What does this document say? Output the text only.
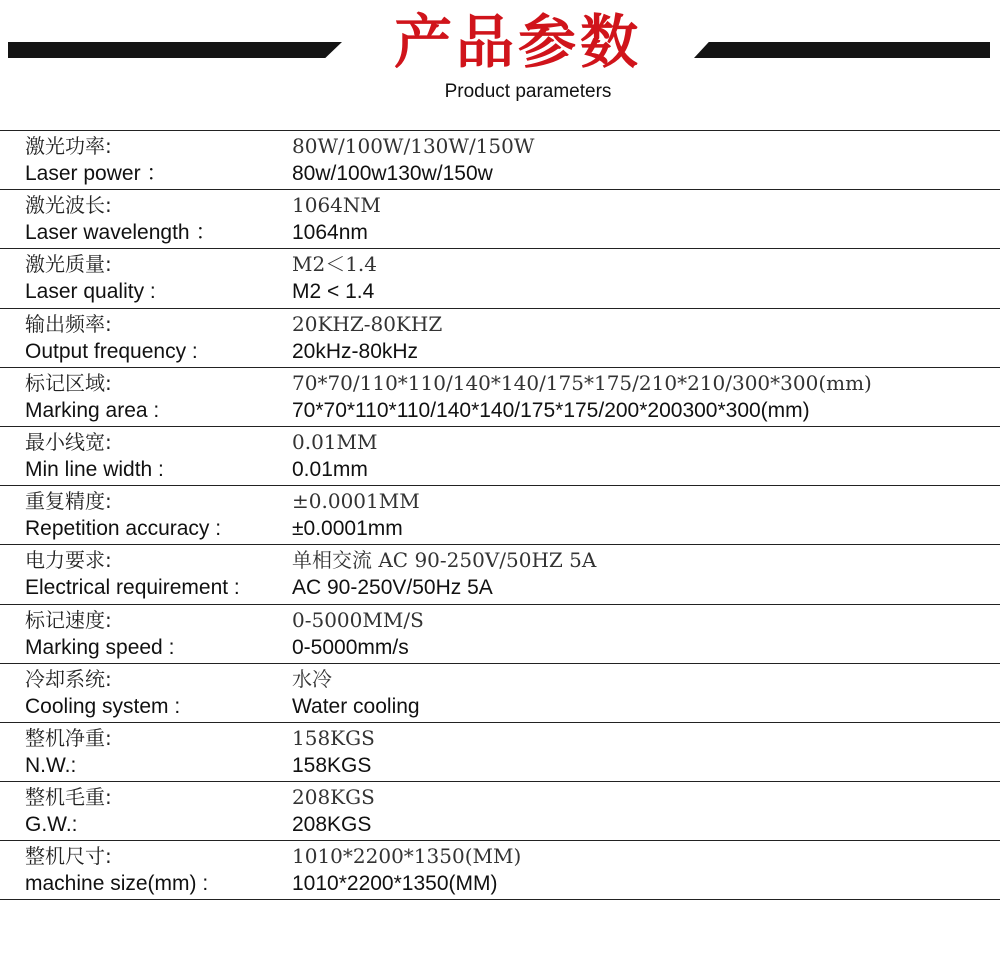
产品参数
Product parameters
激光功率:
Laser power ：
80W/100W/130W/150W
80w/100w130w/150w
激光波长:
Laser wavelength ：
1064NM
1064nm
激光质量:
Laser quality :
M2＜1.4
M2 < 1.4
输出频率:
Output frequency :
20KHZ-80KHZ
20kHz-80kHz
标记区域:
Marking area :
70*70/110*110/140*140/175*175/210*210/300*300(mm)
70*70*110*110/140*140/175*175/200*200300*300(mm)
最小线宽:
Min line width :
0.01MM
0.01mm
重复精度:
Repetition accuracy :
±0.0001MM
±0.0001mm
电力要求:
Electrical requirement :
单相交流 AC 90-250V/50HZ 5A
AC 90-250V/50Hz 5A
标记速度:
Marking speed :
0-5000MM/S
0-5000mm/s
冷却系统:
Cooling system :
水冷
Water cooling
整机净重:
N.W.:
158KGS
158KGS
整机毛重:
G.W.:
208KGS
208KGS
整机尺寸:
machine size(mm) :
1010*2200*1350(MM)
1010*2200*1350(MM)
